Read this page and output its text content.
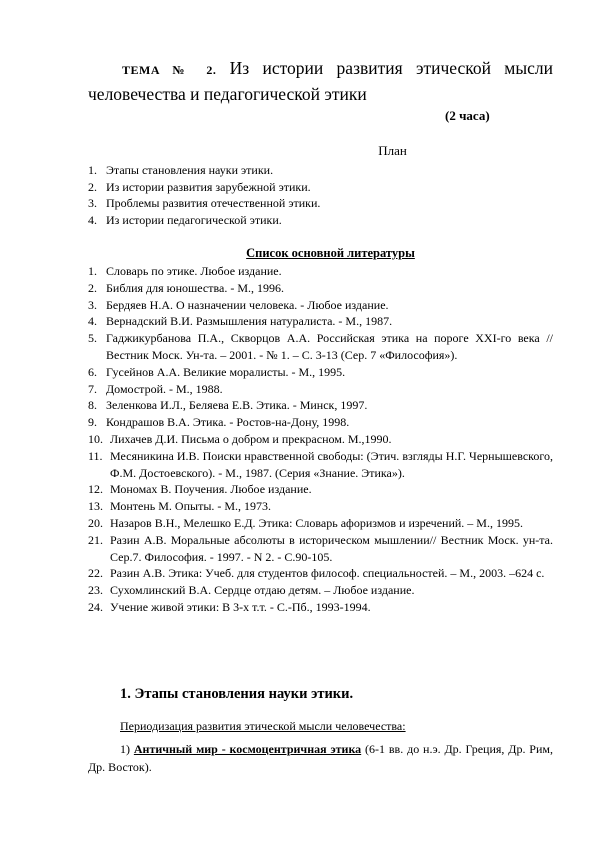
ТЕМА № 2. Из истории развития этической мысли человечества и педагогической этики
(2 часа)
План
1. Этапы становления науки этики.
2. Из истории развития зарубежной этики.
3. Проблемы развития отечественной этики.
4. Из истории педагогической этики.
Список основной литературы
1. Словарь по этике. Любое издание.
2. Библия для юношества. - М., 1996.
3. Бердяев Н.А. О назначении человека. - Любое издание.
4. Вернадский В.И. Размышления натуралиста. - М., 1987.
5. Гаджикурбанова П.А., Скворцов А.А. Российская этика на пороге XXI-го века // Вестник Моск. Ун-та. – 2001. - № 1. – С. 3-13 (Сер. 7 «Философия»).
6. Гусейнов А.А. Великие моралисты. - М., 1995.
7. Домострой. - М., 1988.
8. Зеленкова И.Л., Беляева Е.В. Этика. - Минск, 1997.
9. Кондрашов В.А. Этика. - Ростов-на-Дону, 1998.
10. Лихачев Д.И. Письма о добром и прекрасном. М.,1990.
11. Месяникина И.В. Поиски нравственной свободы: (Этич. взгляды Н.Г. Чернышевского, Ф.М. Достоевского). - М., 1987. (Серия «Знание. Этика»).
12. Мономах В. Поучения. Любое издание.
13. Монтень М. Опыты. - М., 1973.
20. Назаров В.Н., Мелешко Е.Д. Этика: Словарь афоризмов и изречений. – М., 1995.
21. Разин А.В. Моральные абсолюты в историческом мышлении// Вестник Моск. ун-та. Сер.7. Философия. - 1997. - N 2. - С.90-105.
22. Разин А.В. Этика: Учеб. для студентов философ. специальностей. – М., 2003. –624 с.
23. Сухомлинский В.А. Сердце отдаю детям. – Любое издание.
24. Учение живой этики: В 3-х т.т. - С.-Пб., 1993-1994.
1. Этапы становления науки этики.
Периодизация развития этической мысли человечества:
1) Античный мир - космоцентричная этика (6-1 вв. до н.э. Др. Греция, Др. Рим, Др. Восток).
